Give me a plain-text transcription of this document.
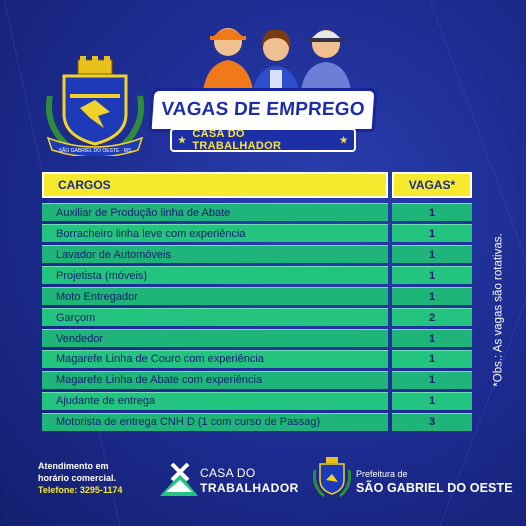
SÃO GABRIEL DO OESTE · MS
VAGAS DE EMPREGO
★ CASA DO TRABALHADOR
★
CARGOS	VAGAS*
Auxiliar de Produção linha de Abate	1
Borracheiro linha leve com experiência	1
Lavador de Automóveis	1
Projetista (móveis)	1
Moto Entregador	1
Garçom	2
Vendedor	1
Magarefe Linha de Couro com experiência	1
Magarefe Linha de Abate com experiência	1
Ajudante de entrega	1
Motorista de entrega CNH D (1 com curso de Passag)	3
*Obs.: As vagas são rotativas.
Atendimento em
horário comercial.
Telefone: 3295-1174
CASA DO
TRABALHADOR
Prefeitura de
SÃO GABRIEL DO OESTE
